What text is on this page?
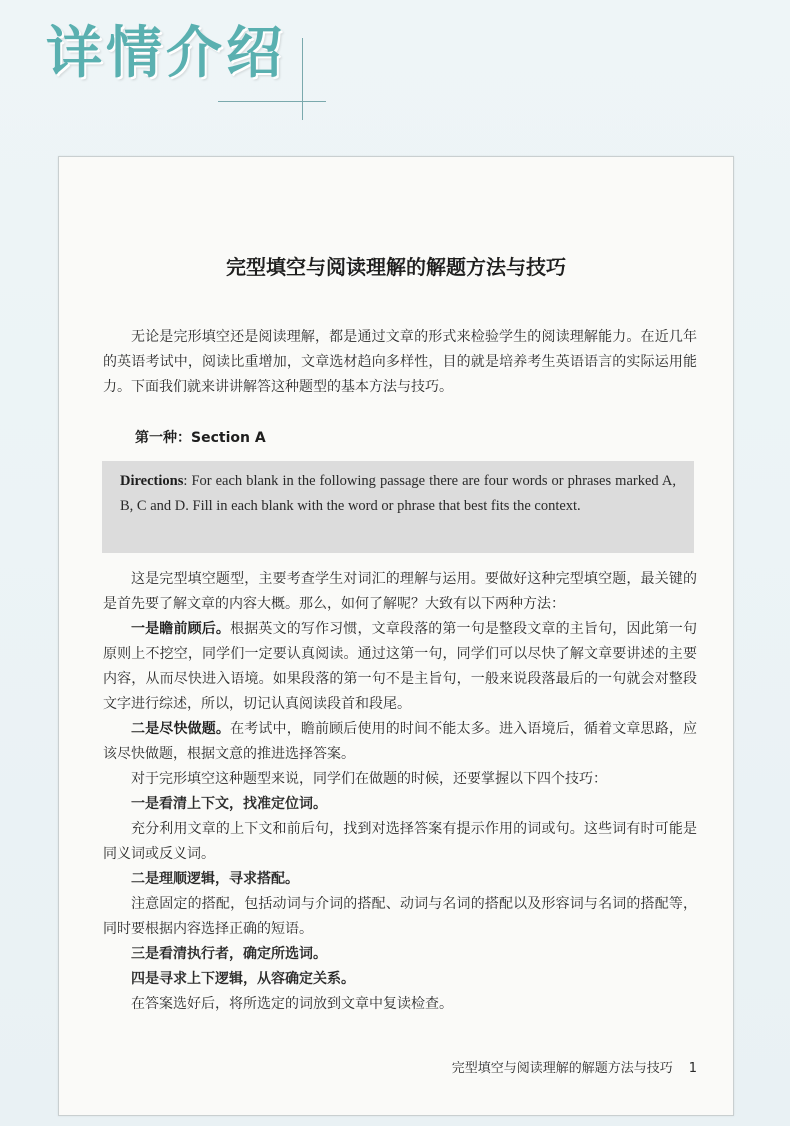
详情介绍
完型填空与阅读理解的解题方法与技巧

无论是完形填空还是阅读理解，都是通过文章的形式来检验学生的阅读理解能力。在近几年的英语考试中，阅读比重增加，文章选材趋向多样性，目的就是培养考生英语语言的实际运用能力。下面我们就来讲讲解答这种题型的基本方法与技巧。

第一种：Section A

Directions: For each blank in the following passage there are four words or phrases marked A, B, C and D. Fill in each blank with the word or phrase that best fits the context.

这是完型填空题型，主要考查学生对词汇的理解与运用。要做好这种完型填空题，最关键的是首先要了解文章的内容大概。那么，如何了解呢？大致有以下两种方法：

一是瞻前顾后。根据英文的写作习惯，文章段落的第一句是整段文章的主旨句，因此第一句原则上不挖空，同学们一定要认真阅读。通过这第一句，同学们可以尽快了解文章要讲述的主要内容，从而尽快进入语境。如果段落的第一句不是主旨句，一般来说段落最后的一句就会对整段文字进行综述，所以，切记认真阅读段首和段尾。

二是尽快做题。在考试中，瞻前顾后使用的时间不能太多。进入语境后，循着文章思路，应该尽快做题，根据文意的推进选择答案。

对于完形填空这种题型来说，同学们在做题的时候，还要掌握以下四个技巧：

一是看清上下文，找准定位词。

充分利用文章的上下文和前后句，找到对选择答案有提示作用的词或句。这些词有时可能是同义词或反义词。

二是理顺逻辑，寻求搭配。

注意固定的搭配，包括动词与介词的搭配、动词与名词的搭配以及形容词与名词的搭配等，同时要根据内容选择正确的短语。

三是看清执行者，确定所选词。

四是寻求上下逻辑，从容确定关系。

在答案选好后，将所选定的词放到文章中复读检查。

完型填空与阅读理解的解题方法与技巧 1
